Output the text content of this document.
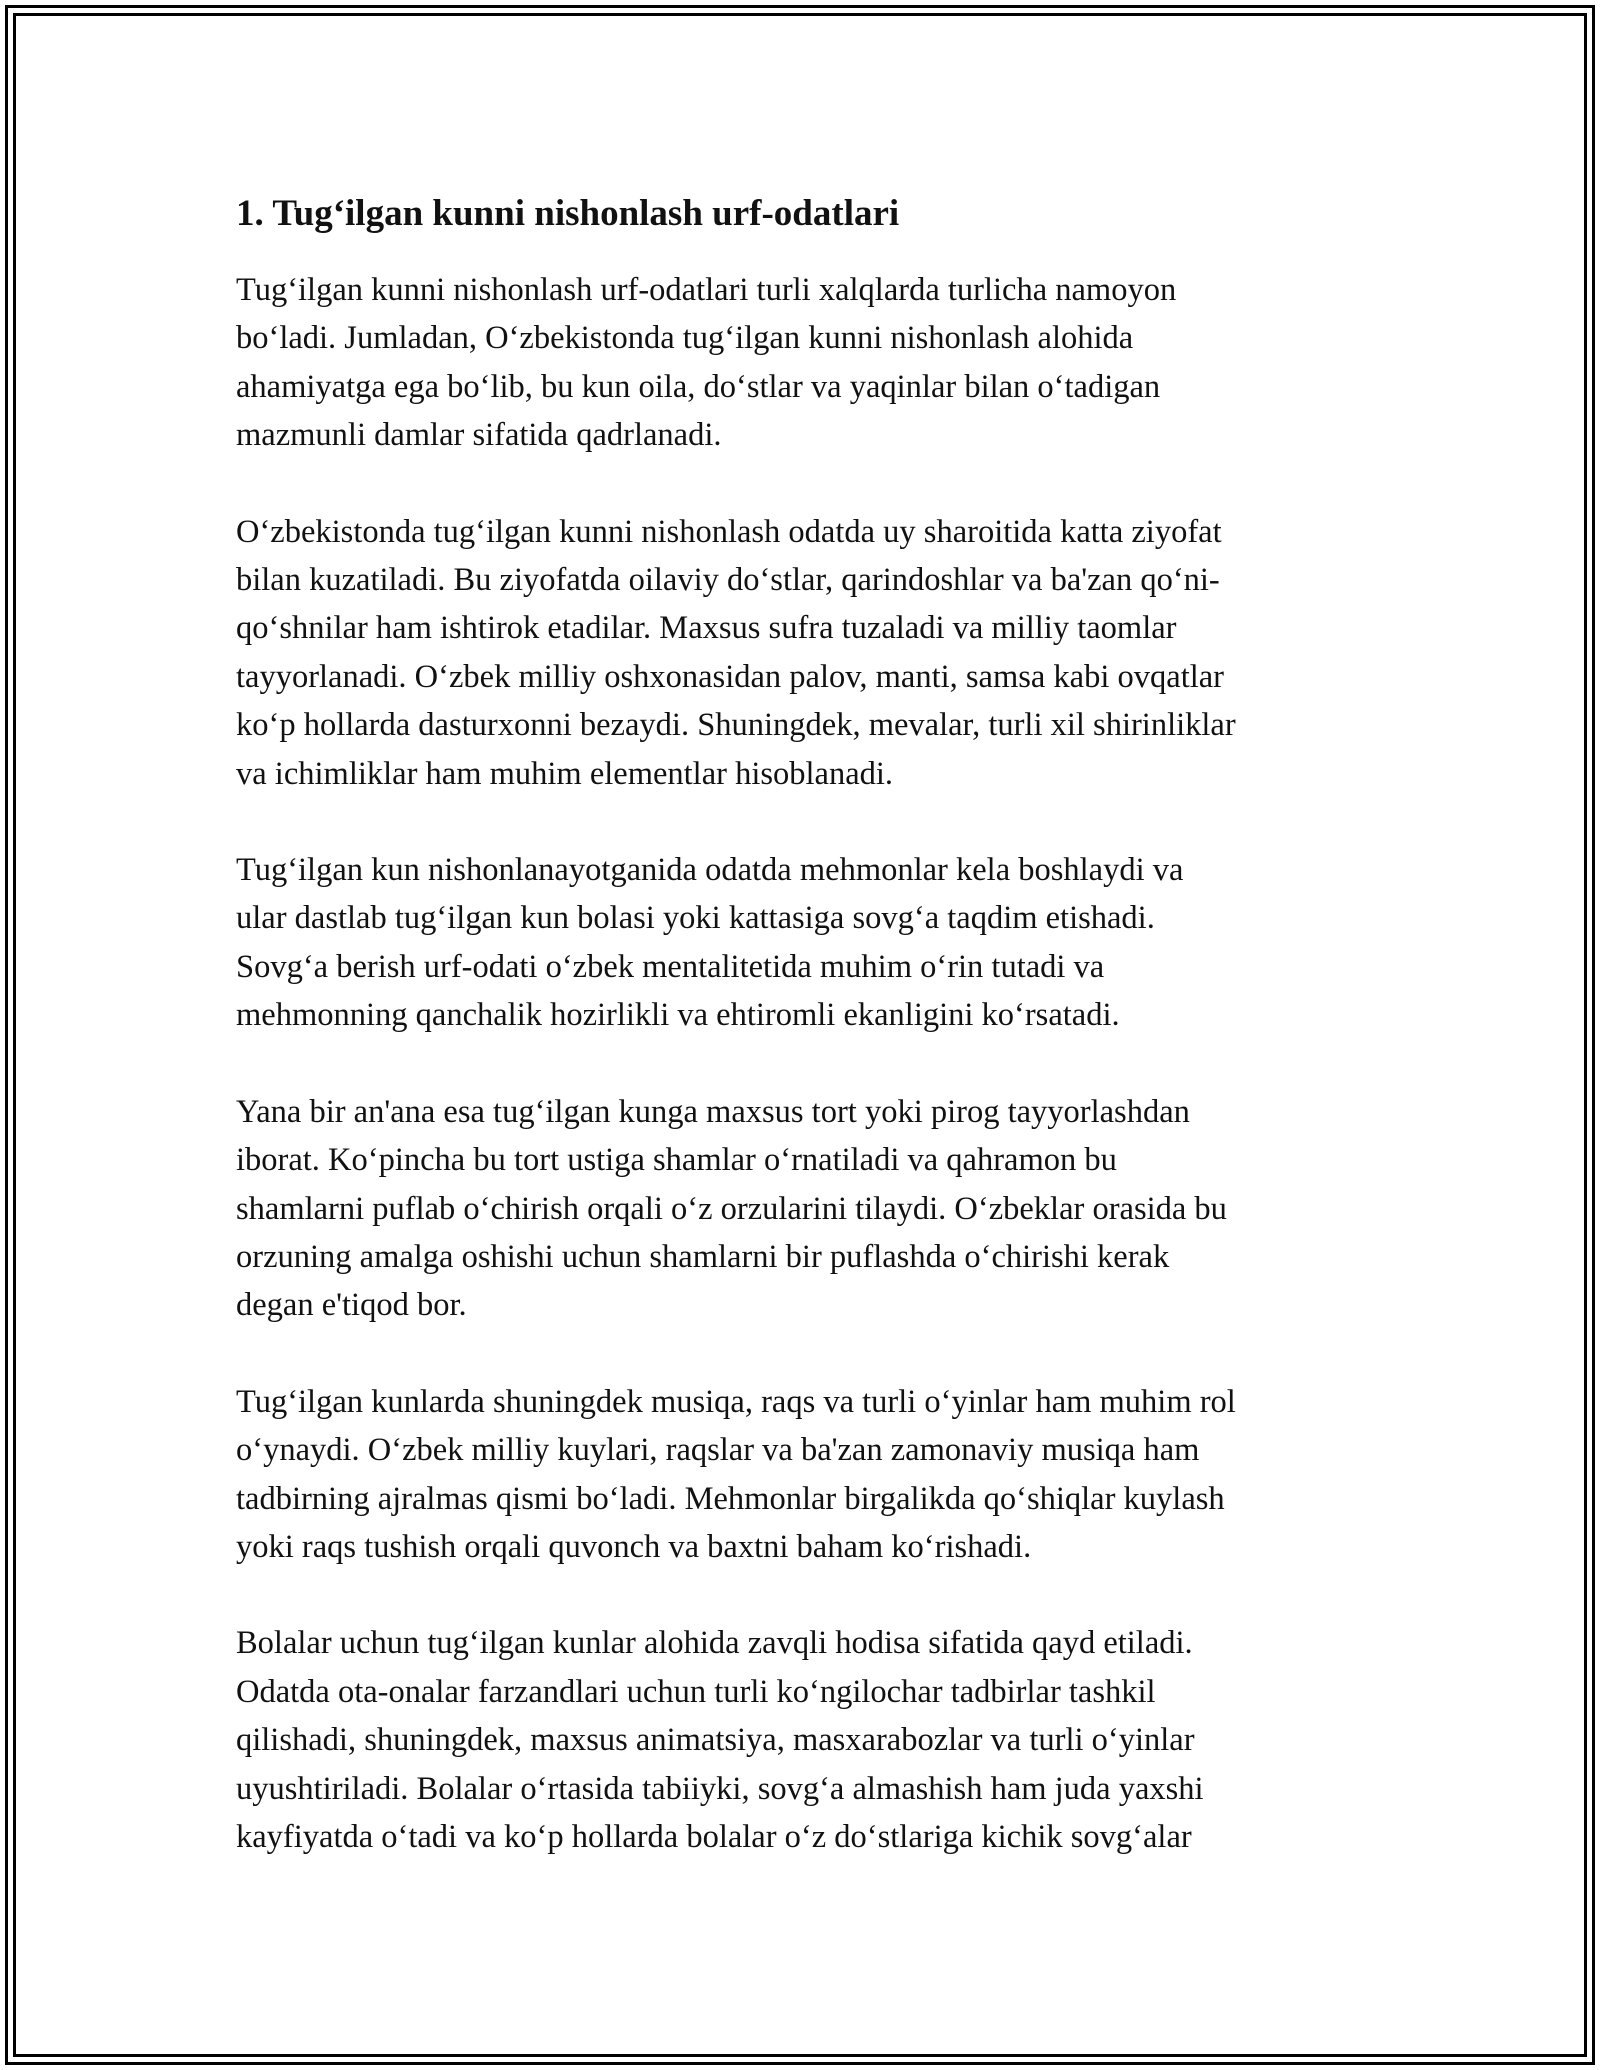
1. Tug‘ilgan kunni nishonlash urf-odatlari

Tug‘ilgan kunni nishonlash urf-odatlari turli xalqlarda turlicha namoyon
bo‘ladi. Jumladan, O‘zbekistonda tug‘ilgan kunni nishonlash alohida
ahamiyatga ega bo‘lib, bu kun oila, do‘stlar va yaqinlar bilan o‘tadigan
mazmunli damlar sifatida qadrlanadi.

O‘zbekistonda tug‘ilgan kunni nishonlash odatda uy sharoitida katta ziyofat
bilan kuzatiladi. Bu ziyofatda oilaviy do‘stlar, qarindoshlar va ba'zan qo‘ni-
qo‘shnilar ham ishtirok etadilar. Maxsus sufra tuzaladi va milliy taomlar
tayyorlanadi. O‘zbek milliy oshxonasidan palov, manti, samsa kabi ovqatlar
ko‘p hollarda dasturxonni bezaydi. Shuningdek, mevalar, turli xil shirinliklar
va ichimliklar ham muhim elementlar hisoblanadi.

Tug‘ilgan kun nishonlanayotganida odatda mehmonlar kela boshlaydi va
ular dastlab tug‘ilgan kun bolasi yoki kattasiga sovg‘a taqdim etishadi.
Sovg‘a berish urf-odati o‘zbek mentalitetida muhim o‘rin tutadi va
mehmonning qanchalik hozirlikli va ehtiromli ekanligini ko‘rsatadi.

Yana bir an'ana esa tug‘ilgan kunga maxsus tort yoki pirog tayyorlashdan
iborat. Ko‘pincha bu tort ustiga shamlar o‘rnatiladi va qahramon bu
shamlarni puflab o‘chirish orqali o‘z orzularini tilaydi. O‘zbeklar orasida bu
orzuning amalga oshishi uchun shamlarni bir puflashda o‘chirishi kerak
degan e'tiqod bor.

Tug‘ilgan kunlarda shuningdek musiqa, raqs va turli o‘yinlar ham muhim rol
o‘ynaydi. O‘zbek milliy kuylari, raqslar va ba'zan zamonaviy musiqa ham
tadbirning ajralmas qismi bo‘ladi. Mehmonlar birgalikda qo‘shiqlar kuylash
yoki raqs tushish orqali quvonch va baxtni baham ko‘rishadi.

Bolalar uchun tug‘ilgan kunlar alohida zavqli hodisa sifatida qayd etiladi.
Odatda ota-onalar farzandlari uchun turli ko‘ngilochar tadbirlar tashkil
qilishadi, shuningdek, maxsus animatsiya, masxarabozlar va turli o‘yinlar
uyushtiriladi. Bolalar o‘rtasida tabiiyki, sovg‘a almashish ham juda yaxshi
kayfiyatda o‘tadi va ko‘p hollarda bolalar o‘z do‘stlariga kichik sovg‘alar
